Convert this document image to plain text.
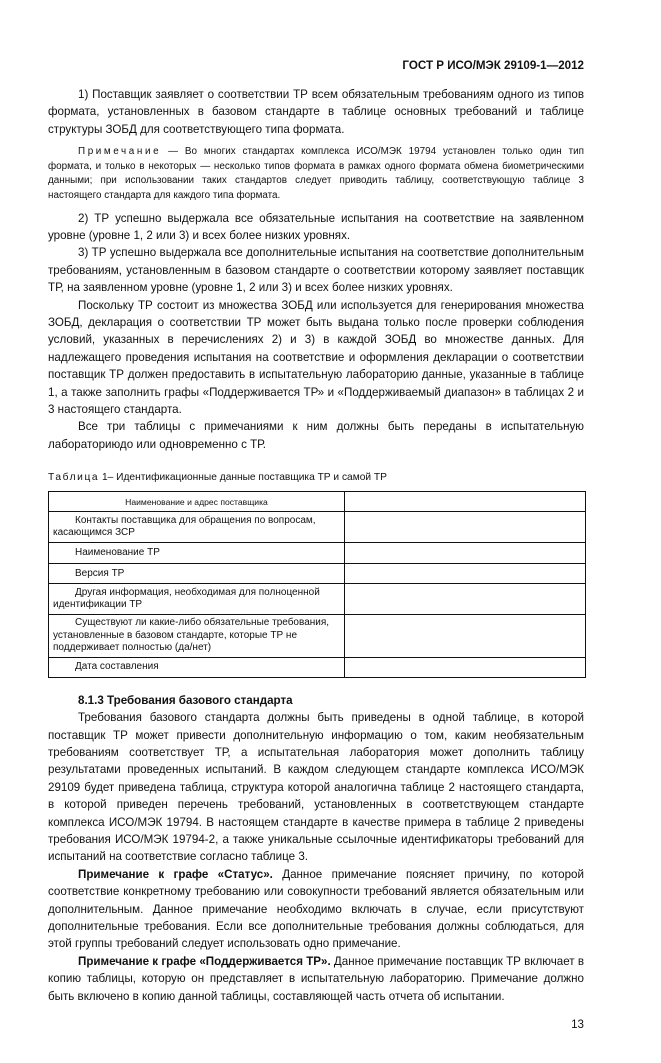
ГОСТ Р ИСО/МЭК 29109-1—2012

1) Поставщик заявляет о соответствии ТР всем обязательным требованиям одного из типов формата, установленных в базовом стандарте в таблице основных требований и таблице структуры ЗОБД для соответствующего типа формата.

Примечание — Во многих стандартах комплекса ИСО/МЭК 19794 установлен только один тип формата, и только в некоторых — несколько типов формата в рамках одного формата обмена биометрическими данными; при использовании таких стандартов следует приводить таблицу, соответствующую таблице 3 настоящего стандарта для каждого типа формата.

2) ТР успешно выдержала все обязательные испытания на соответствие на заявленном уровне (уровне 1, 2 или 3) и всех более низких уровнях.

3) ТР успешно выдержала все дополнительные испытания на соответствие дополнительным требованиям, установленным в базовом стандарте о соответствии которому заявляет поставщик ТР, на заявленном уровне (уровне 1, 2 или 3) и всех более низких уровнях.

Поскольку ТР состоит из множества ЗОБД или используется для генерирования множества ЗОБД, декларация о соответствии ТР может быть выдана только после проверки соблюдения условий, указанных в перечислениях 2) и 3) в каждой ЗОБД во множестве данных. Для надлежащего проведения испытания на соответствие и оформления декларации о соответствии поставщик ТР должен предоставить в испытательную лабораторию данные, указанные в таблице 1, а также заполнить графы «Поддерживается ТР» и «Поддерживаемый диапазон» в таблицах 2 и 3 настоящего стандарта.

Все три таблицы с примечаниями к ним должны быть переданы в испытательную лабораториюдо или одновременно с ТР.

Таблица 1– Идентификационные данные поставщика ТР и самой ТР
Наименование и адрес поставщика	
Контакты поставщика для обращения по вопросам, касающимся ЗСР	
Наименование ТР	
Версия ТР	
Другая информация, необходимая для полноценной идентификации ТР	
Существуют ли какие-либо обязательные требования, установленные в базовом стандарте, которые ТР не поддерживает полностью (да/нет)	
Дата составления	

8.1.3 Требования базового стандарта

Требования базового стандарта должны быть приведены в одной таблице, в которой поставщик ТР может привести дополнительную информацию о том, каким необязательным требованиям соответствует ТР, а испытательная лаборатория может дополнить таблицу результатами проведенных испытаний. В каждом следующем стандарте комплекса ИСО/МЭК 29109 будет приведена таблица, структура которой аналогична таблице 2 настоящего стандарта, в которой приведен перечень требований, установленных в соответствующем стандарте комплекса ИСО/МЭК 19794. В настоящем стандарте в качестве примера в таблице 2 приведены требования ИСО/МЭК 19794-2, а также уникальные ссылочные идентификаторы требований для испытаний на соответствие согласно таблице 3.

Примечание к графе «Статус». Данное примечание поясняет причину, по которой соответствие конкретному требованию или совокупности требований является обязательным или дополнительным. Данное примечание необходимо включать в случае, если присутствуют дополнительные требования. Если все дополнительные требования должны соблюдаться, для этой группы требований следует использовать одно примечание.

Примечание к графе «Поддерживается ТР». Данное примечание поставщик ТР включает в копию таблицы, которую он представляет в испытательную лабораторию. Примечание должно быть включено в копию данной таблицы, составляющей часть отчета об испытании.

13
